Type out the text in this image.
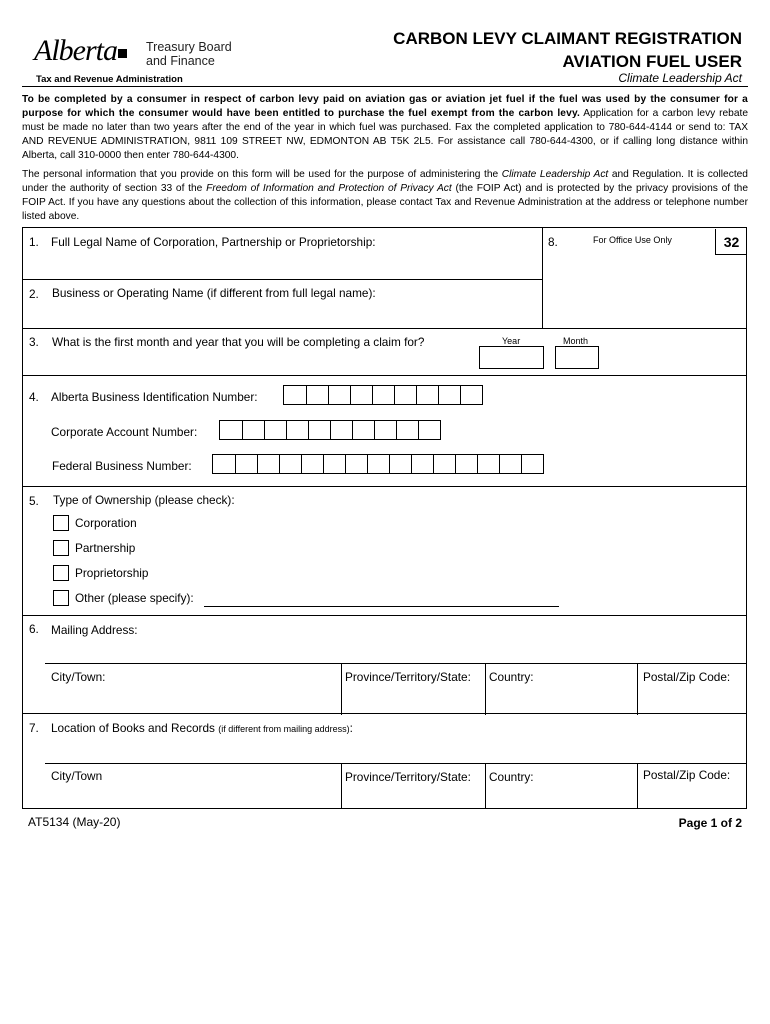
Alberta	Treasury Board
and Finance
Tax and Revenue Administration
CARBON LEVY CLAIMANT REGISTRATION
AVIATION FUEL USER
Climate Leadership Act
To be completed by a consumer in respect of carbon levy paid on aviation gas or aviation jet fuel if the fuel was used by the consumer for a purpose for which the consumer would have been entitled to purchase the fuel exempt from the carbon levy. Application for a carbon levy rebate must be made no later than two years after the end of the year in which fuel was purchased. Fax the completed application to 780-644-4144 or send to: TAX AND REVENUE ADMINISTRATION, 9811 109 STREET NW, EDMONTON AB T5K 2L5. For assistance call 780-644-4300, or if calling long distance within Alberta, call 310-0000 then enter 780-644-4300.
The personal information that you provide on this form will be used for the purpose of administering the Climate Leadership Act and Regulation. It is collected under the authority of section 33 of the Freedom of Information and Protection of Privacy Act (the FOIP Act) and is protected by the privacy provisions of the FOIP Act. If you have any questions about the collection of this information, please contact Tax and Revenue Administration at the address or telephone number listed above.
1. Full Legal Name of Corporation, Partnership or Proprietorship:	8.	For Office Use Only	32
2. Business or Operating Name (if different from full legal name):
3. What is the first month and year that you will be completing a claim for?	Year	Month
4. Alberta Business Identification Number:
Corporate Account Number:
Federal Business Number:
5. Type of Ownership (please check):
Corporation
Partnership
Proprietorship
Other (please specify):
6. Mailing Address:
City/Town:	Province/Territory/State: Country:	Postal/Zip Code:
7. Location of Books and Records (if different from mailing address):
City/Town	Province/Territory/State: Country:	Postal/Zip Code:
AT5134 (May-20)	Page 1 of 2
